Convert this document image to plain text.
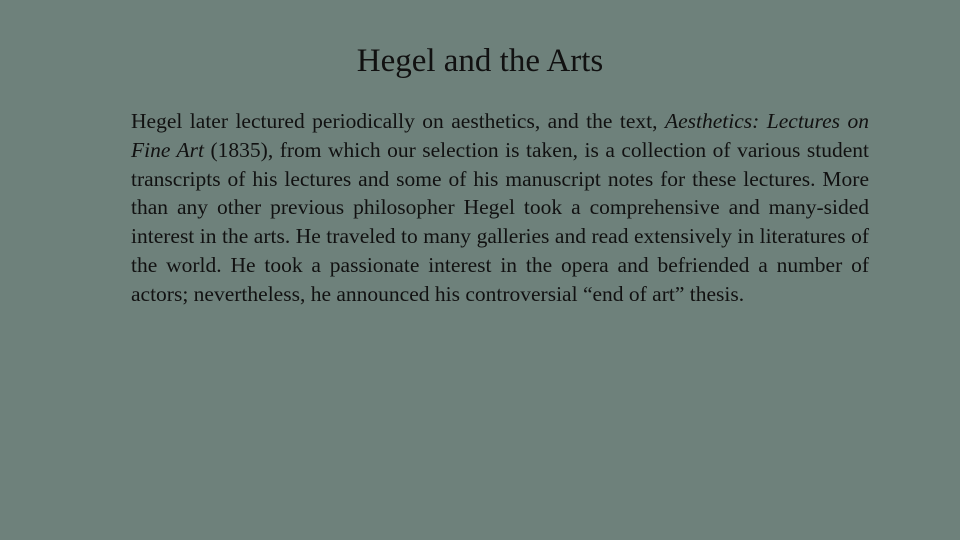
Hegel and the Arts

Hegel later lectured periodically on aesthetics, and the text, Aesthetics: Lectures on Fine Art (1835), from which our selection is taken, is a collection of various student transcripts of his lectures and some of his manuscript notes for these lectures. More than any other previous philosopher Hegel took a comprehensive and many-sided interest in the arts. He traveled to many galleries and read extensively in literatures of the world. He took a passionate interest in the opera and befriended a number of actors; nevertheless, he announced his controversial “end of art” thesis.
